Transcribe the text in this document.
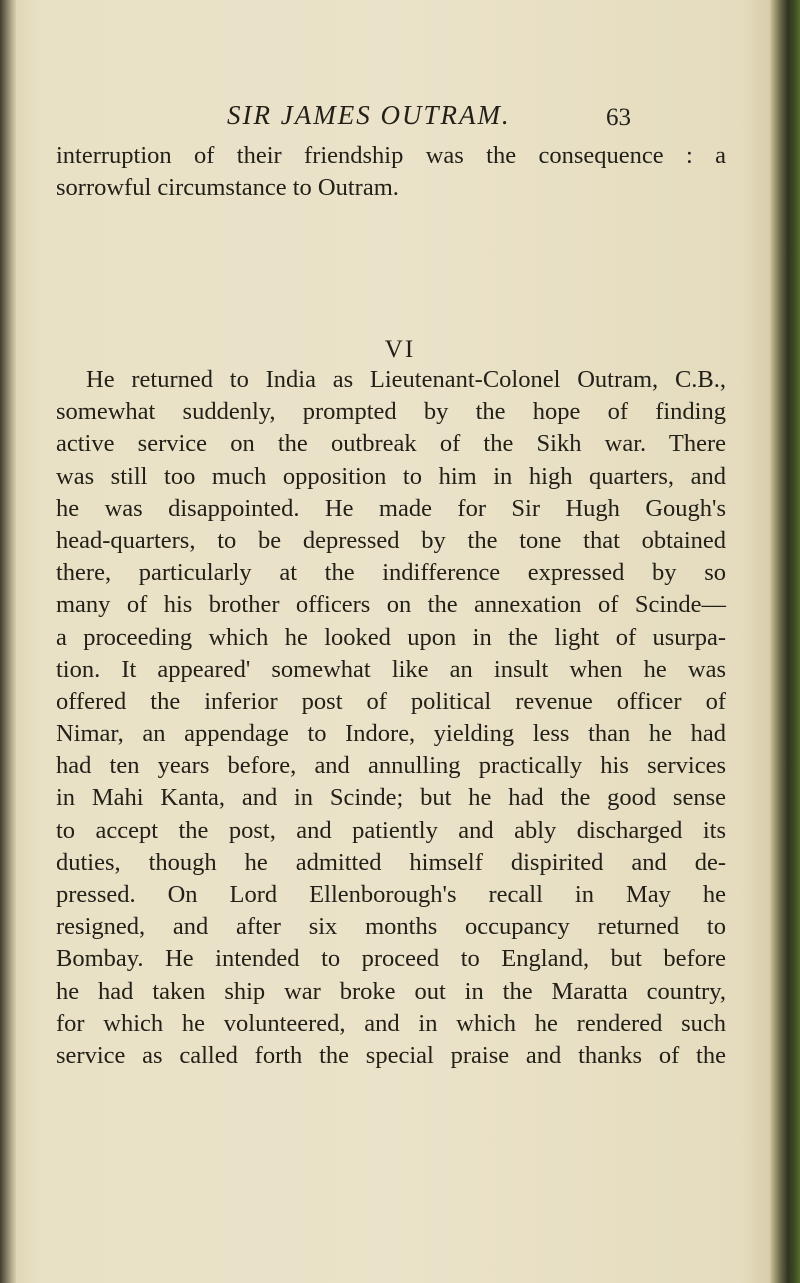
SIR JAMES OUTRAM.	63
interruption of their friendship was the consequence : a
sorrowful circumstance to Outram.
VI
He returned to India as Lieutenant-Colonel Outram, C.B.,
somewhat suddenly, prompted by the hope of finding
active service on the outbreak of the Sikh war. There
was still too much opposition to him in high quarters, and
he was disappointed. He made for Sir Hugh Gough's
head-quarters, to be depressed by the tone that obtained
there, particularly at the indifference expressed by so
many of his brother officers on the annexation of Scinde—
a proceeding which he looked upon in the light of usurpa-
tion. It appeared' somewhat like an insult when he was
offered the inferior post of political revenue officer of
Nimar, an appendage to Indore, yielding less than he had
had ten years before, and annulling practically his services
in Mahi Kanta, and in Scinde; but he had the good sense
to accept the post, and patiently and ably discharged its
duties, though he admitted himself dispirited and de-
pressed. On Lord Ellenborough's recall in May he
resigned, and after six months occupancy returned to
Bombay. He intended to proceed to England, but before
he had taken ship war broke out in the Maratta country,
for which he volunteered, and in which he rendered such
service as called forth the special praise and thanks of the
